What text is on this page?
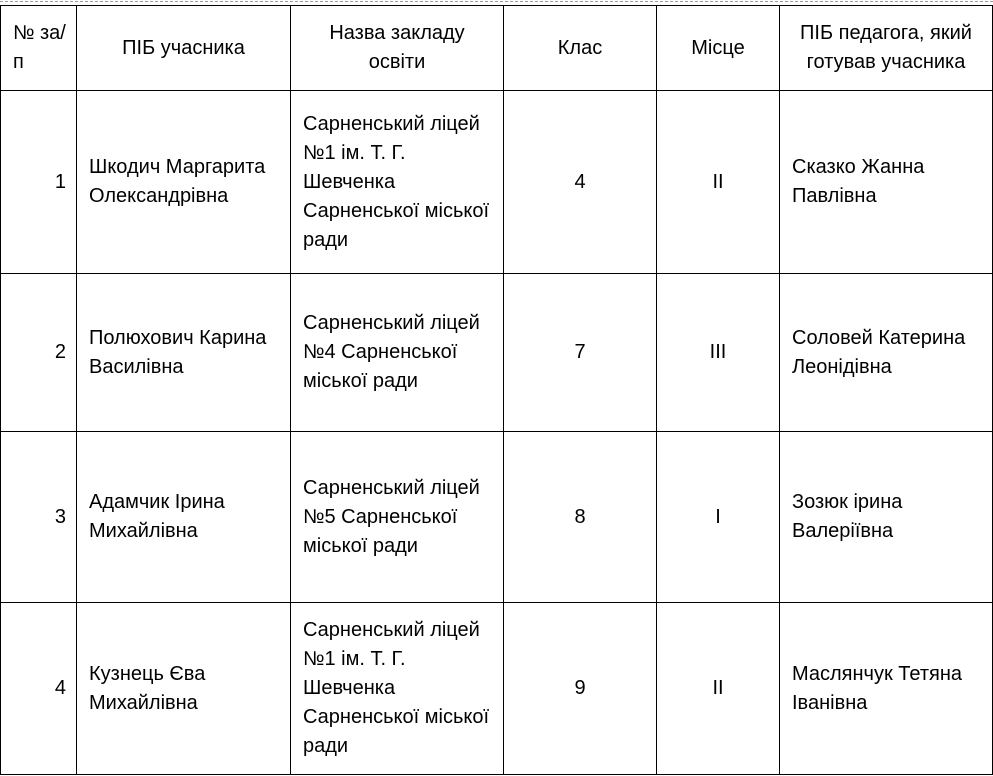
№ за/п	ПІБ учасника	Назва закладу освіти	Клас	Місце	ПІБ педагога, який готував учасника
1	Шкодич Маргарита Олександрівна	Сарненський ліцей №1 ім. Т. Г. Шевченка Сарненської міської ради	4	II	Сказко Жанна Павлівна
2	Полюхович Карина Василівна	Сарненський ліцей №4 Сарненської міської ради	7	III	Соловей Катерина Леонідівна
3	Адамчик Ірина Михайлівна	Сарненський ліцей №5 Сарненської міської ради	8	I	Зозюк ірина Валеріївна
4	Кузнець Єва Михайлівна	Сарненський ліцей №1 ім. Т. Г. Шевченка Сарненської міської ради	9	II	Маслянчук Тетяна Іванівна
